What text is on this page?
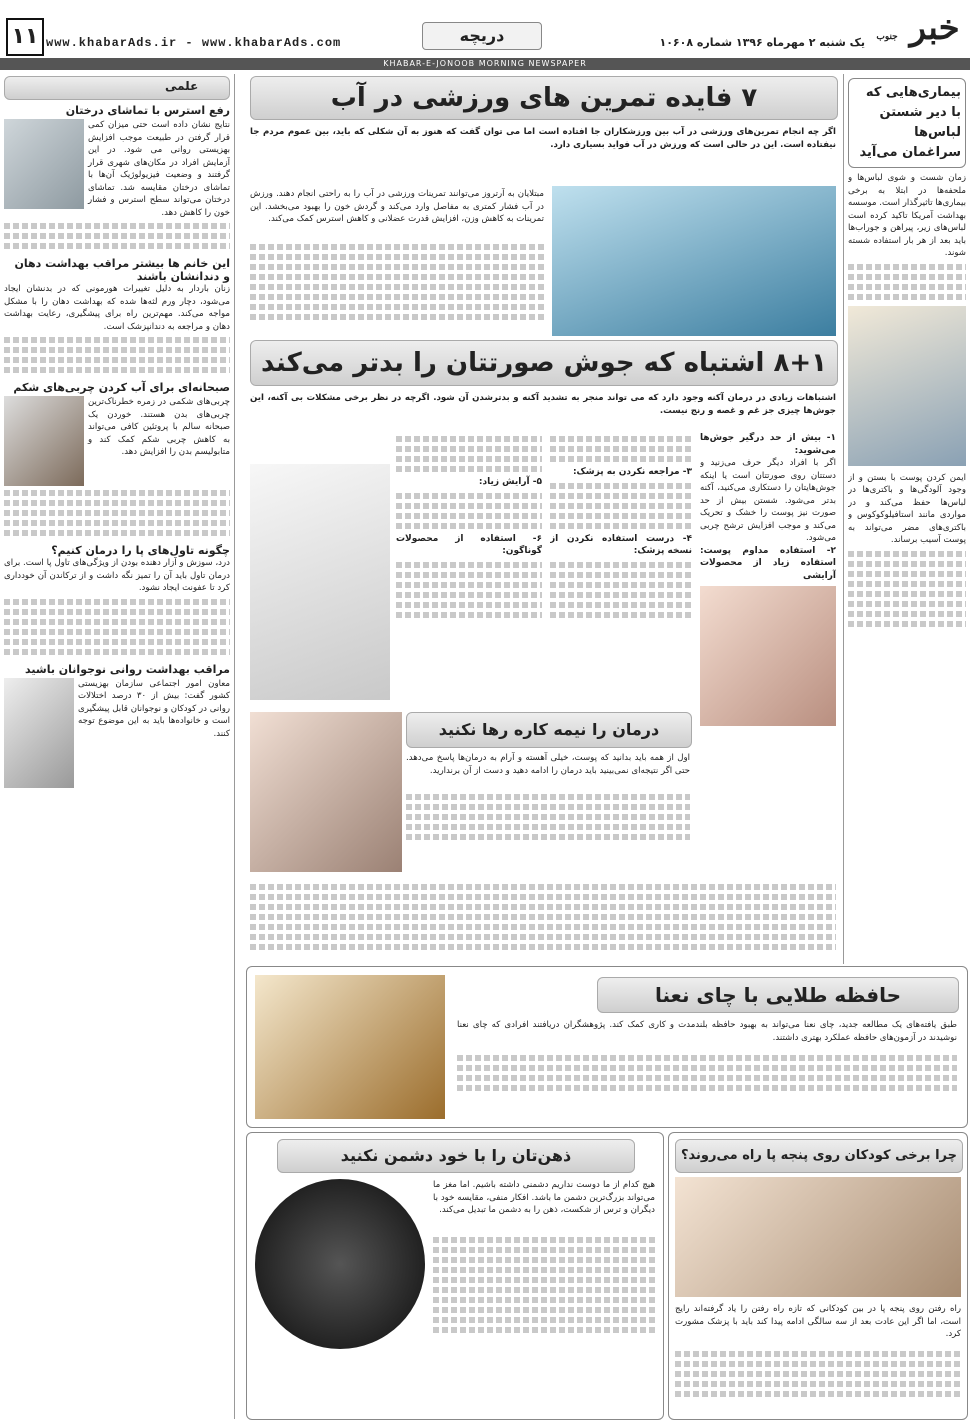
۱۱ www.khabarAds.ir - www.khabarAds.com	دریچه	یک شنبه ۲ مهرماه ۱۳۹۶ شماره ۱۰۶۰۸	خبر جنوب
KHABAR-E-JONOOB MORNING NEWSPAPER
علمی
رفع استرس با تماشای درختان
نتایج نشان داده است حتی میزان کمی قرار گرفتن در طبیعت موجب افزایش بهزیستی روانی می شود. در این آزمایش افراد در مکان‌های شهری قرار گرفتند و وضعیت فیزیولوژیک آن‌ها با تماشای درختان مقایسه شد. تماشای درختان می‌تواند سطح استرس و فشار خون را کاهش دهد.
این خانم ها بیشتر مراقب بهداشت دهان و دندانشان باشند
زنان باردار به دلیل تغییرات هورمونی که در بدنشان ایجاد می‌شود، دچار ورم لثه‌ها شده که بهداشت دهان را با مشکل مواجه می‌کند. مهم‌ترین راه برای پیشگیری، رعایت بهداشت دهان و مراجعه به دندانپزشک است.
صبحانه‌ای برای آب کردن چربی‌های شکم
چربی‌های شکمی در زمره خطرناک‌ترین چربی‌های بدن هستند. خوردن یک صبحانه سالم با پروتئین کافی می‌تواند به کاهش چربی شکم کمک کند و متابولیسم بدن را افزایش دهد.
چگونه تاول‌های پا را درمان کنیم؟
درد، سوزش و آزار دهنده بودن از ویژگی‌های تاول پا است. برای درمان تاول باید آن را تمیز نگه داشت و از ترکاندن آن خودداری کرد تا عفونت ایجاد نشود.
مراقب بهداشت روانی نوجوانان باشید
معاون امور اجتماعی سازمان بهزیستی کشور گفت: بیش از ۳۰ درصد اختلالات روانی در کودکان و نوجوانان قابل پیشگیری است و خانواده‌ها باید به این موضوع توجه کنند.
بیماری‌هایی که با دیر شستن لباس‌ها سراغمان می‌آید
زمان شست و شوی لباس‌ها و ملحفه‌ها در ابتلا به برخی بیماری‌ها تاثیرگذار است. موسسه بهداشت آمریکا تاکید کرده است لباس‌های زیر، پیراهن و جوراب‌ها باید بعد از هر بار استفاده شسته شوند.
ایمن کردن پوست با بستن و از وجود آلودگی‌ها و باکتری‌ها در لباس‌ها حفظ می‌کند و در مواردی مانند استافیلوکوکوس و باکتری‌های مضر می‌تواند به پوست آسیب برساند.
۷ فایده تمرین های ورزشی در آب
اگر چه انجام تمرین‌های ورزشی در آب بین ورزشکاران جا افتاده است اما می توان گفت که هنوز به آن شکلی که باید، بین عموم مردم جا نیفتاده است. این در حالی است که ورزش در آب فواید بسیاری دارد.
مبتلایان به آرتروز می‌توانند تمرینات ورزشی در آب را به راحتی انجام دهند. ورزش در آب فشار کمتری به مفاصل وارد می‌کند و گردش خون را بهبود می‌بخشد. این تمرینات به کاهش وزن، افزایش قدرت عضلانی و کاهش استرس کمک می‌کند.
۸+۱ اشتباه که جوش صورتتان را بدتر می‌کند
اشتباهات زیادی در درمان آکنه وجود دارد که می تواند منجر به تشدید آکنه و بدترشدن آن شود. اگرچه در نظر برخی مشکلات بی آکنه، این جوش‌ها چیزی جز غم و غصه و رنج نیست.
۱- بیش از حد درگیر جوش‌ها می‌شوید:
اگر با افراد دیگر حرف می‌زنید و دستتان روی صورتتان است یا اینکه جوش‌هایتان را دستکاری می‌کنید، آکنه بدتر می‌شود. شستن بیش از حد صورت نیز پوست را خشک و تحریک می‌کند و موجب افزایش ترشح چربی می‌شود.
۲- استفاده مداوم پوست: استفاده زیاد از محصولات آرایشی
۳- مراجعه نکردن به پزشک:
۴- درست استفاده نکردن از نسخه پزشک:
۵- آرایش زیاد:
۶- استفاده از محصولات گوناگون:
درمان را نیمه کاره رها نکنید
اول از همه باید بدانید که پوست، خیلی آهسته و آرام به درمان‌ها پاسخ می‌دهد. حتی اگر نتیجه‌ای نمی‌بینید باید درمان را ادامه دهید و دست از آن برندارید.
حافظه طلایی با چای نعنا
طبق یافته‌های یک مطالعه جدید، چای نعنا می‌تواند به بهبود حافظه بلندمدت و کاری کمک کند. پژوهشگران دریافتند افرادی که چای نعنا نوشیدند در آزمون‌های حافظه عملکرد بهتری داشتند.
ذهن‌تان را با خود دشمن نکنید
هیچ کدام از ما دوست نداریم دشمنی داشته باشیم. اما مغز ما می‌تواند بزرگ‌ترین دشمن ما باشد. افکار منفی، مقایسه خود با دیگران و ترس از شکست، ذهن را به دشمن ما تبدیل می‌کند.
چرا برخی کودکان روی پنجه پا راه می‌روند؟
راه رفتن روی پنجه پا در بین کودکانی که تازه راه رفتن را یاد گرفته‌اند رایج است، اما اگر این عادت بعد از سه سالگی ادامه پیدا کند باید با پزشک مشورت کرد.
